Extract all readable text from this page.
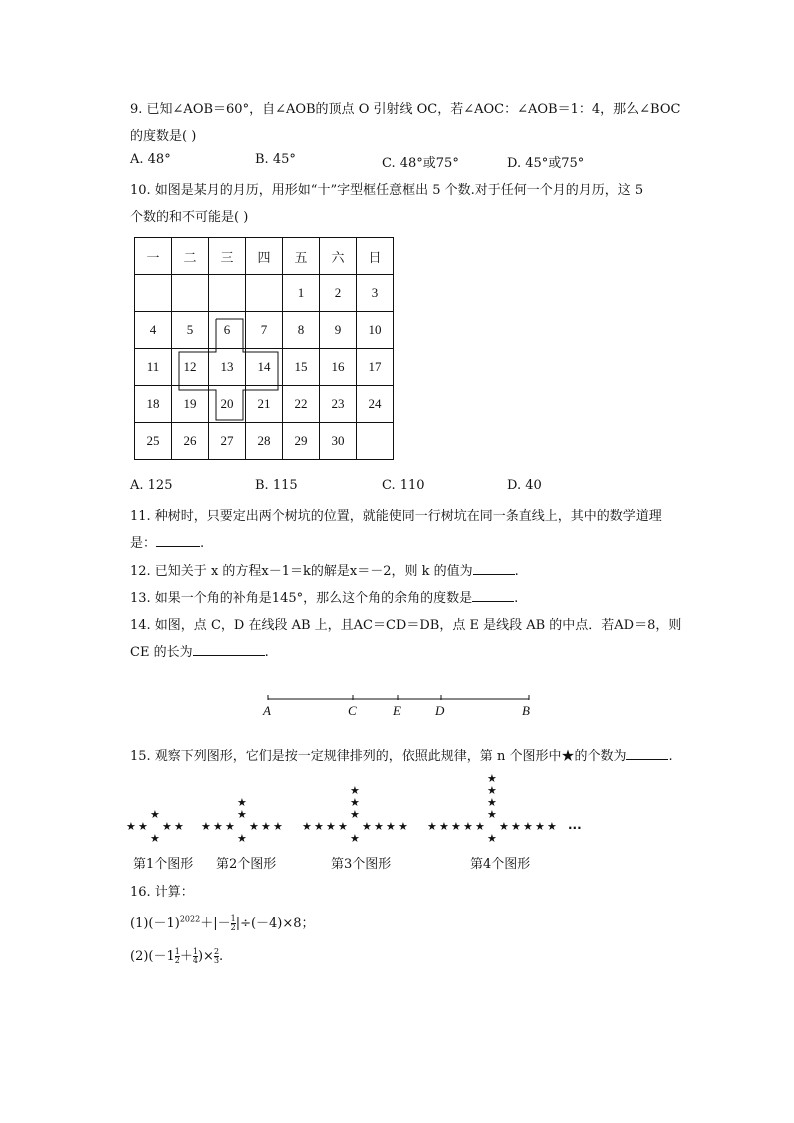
9. 已知∠AOB＝60°，自∠AOB的顶点 O 引射线 OC，若∠AOC：∠AOB＝1：4，那么∠BOC
的度数是( )
A. 48°	B. 45°	C. 48°或75°	D. 45°或75°
10. 如图是某月的月历，用形如“十”字型框任意框出 5 个数.对于任何一个月的月历，这 5
个数的和不可能是( )
一	二	三	四	五	六	日
				1	2	3
4	5	6	7	8	9	10
11	12	13	14	15	16	17
18	19	20	21	22	23	24
25	26	27	28	29	30	
A. 125	B. 115	C. 110	D. 40
11. 种树时，只要定出两个树坑的位置，就能使同一行树坑在同一条直线上，其中的数学道理
是：	.
12. 已知关于 x 的方程x－1＝k的解是x＝－2，则 k 的值为	.
13. 如果一个角的补角是145°，那么这个角的余角的度数是	.
14. 如图，点 C，D 在线段 AB 上，且AC＝CD＝DB，点 E 是线段 AB 的中点．若AD＝8，则
CE 的长为	.
A	C	E	D	B
15. 观察下列图形，它们是按一定规律排列的，依照此规律，第 n 个图形中★的个数为	.
★ ★
★	★
★
★
★ ★
★	★
★	★
★
★
★
★ ★
★	★
★	★
★	★
★
★
★
★
★ ★
★	★
★	★
★	★
★	★
★
★
★
★
★
···
第1个图形 第2个图形	第3个图形	第4个图形
16. 计算：
$(1)(-1)^{2022}+|- \frac{1}{2} |\div(-4)\times 8$；
$(2)(-1 \frac{1}{2} + \frac{1}{4}$ )× $\frac{2}{3}$ .
